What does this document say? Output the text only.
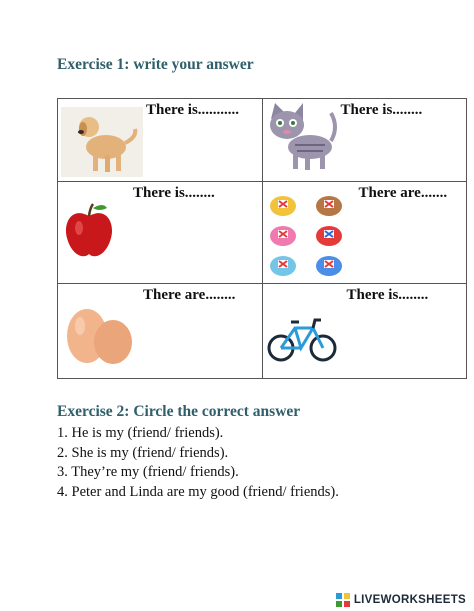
Exercise 1: write your answer
There is...........	There is........

There is........	There are.......

There are........	There is........
Exercise 2: Circle the correct answer
1. He is my (friend/ friends).
2. She is my (friend/ friends).
3. They’re my (friend/ friends).
4. Peter and Linda are my good (friend/ friends).
LIVEWORKSHEETS
